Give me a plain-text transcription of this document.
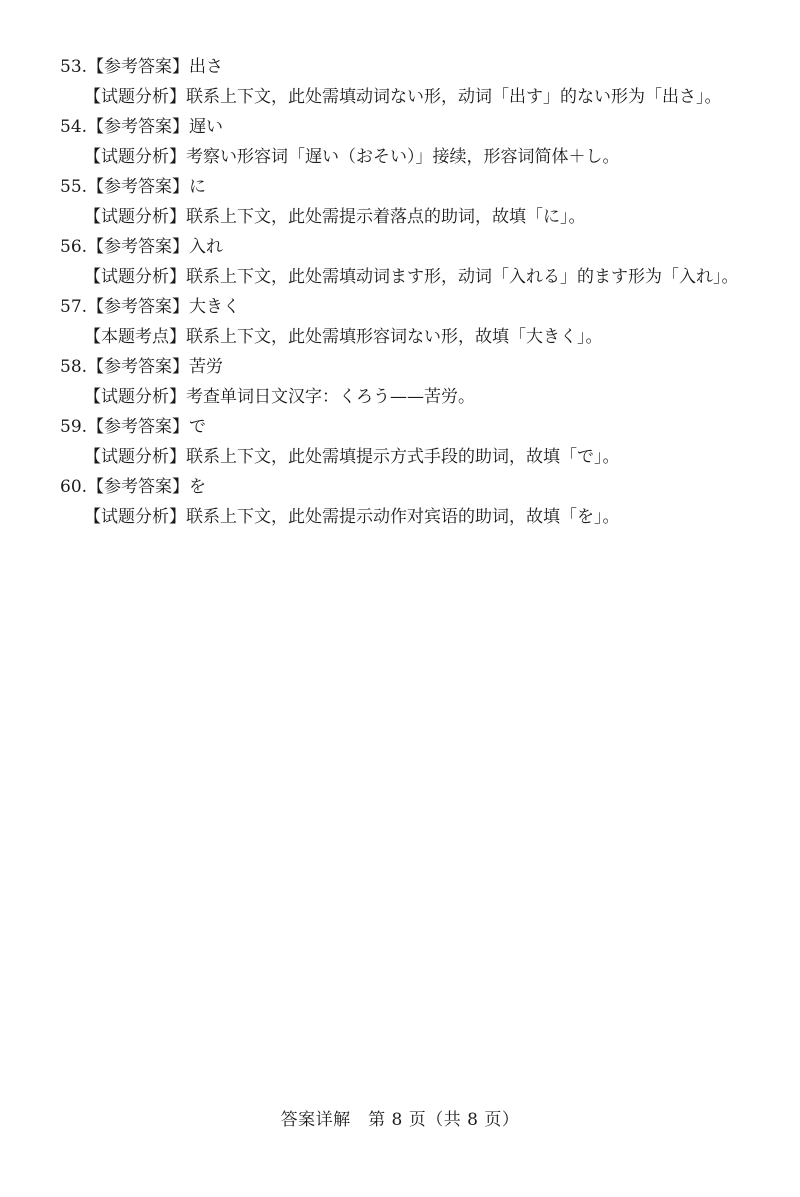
53.【参考答案】出さ
【试题分析】联系上下文，此处需填动词ない形，动词「出す」的ない形为「出さ」。
54.【参考答案】遅い
【试题分析】考察い形容词「遅い（おそい）」接续，形容词简体＋し。
55.【参考答案】に
【试题分析】联系上下文，此处需提示着落点的助词，故填「に」。
56.【参考答案】入れ
【试题分析】联系上下文，此处需填动词ます形，动词「入れる」的ます形为「入れ」。
57.【参考答案】大きく
【本题考点】联系上下文，此处需填形容词ない形，故填「大きく」。
58.【参考答案】苦労
【试题分析】考查单词日文汉字：くろう——苦労。
59.【参考答案】で
【试题分析】联系上下文，此处需填提示方式手段的助词，故填「で」。
60.【参考答案】を
【试题分析】联系上下文，此处需提示动作对宾语的助词，故填「を」。
答案详解　第 8 页（共 8 页）
